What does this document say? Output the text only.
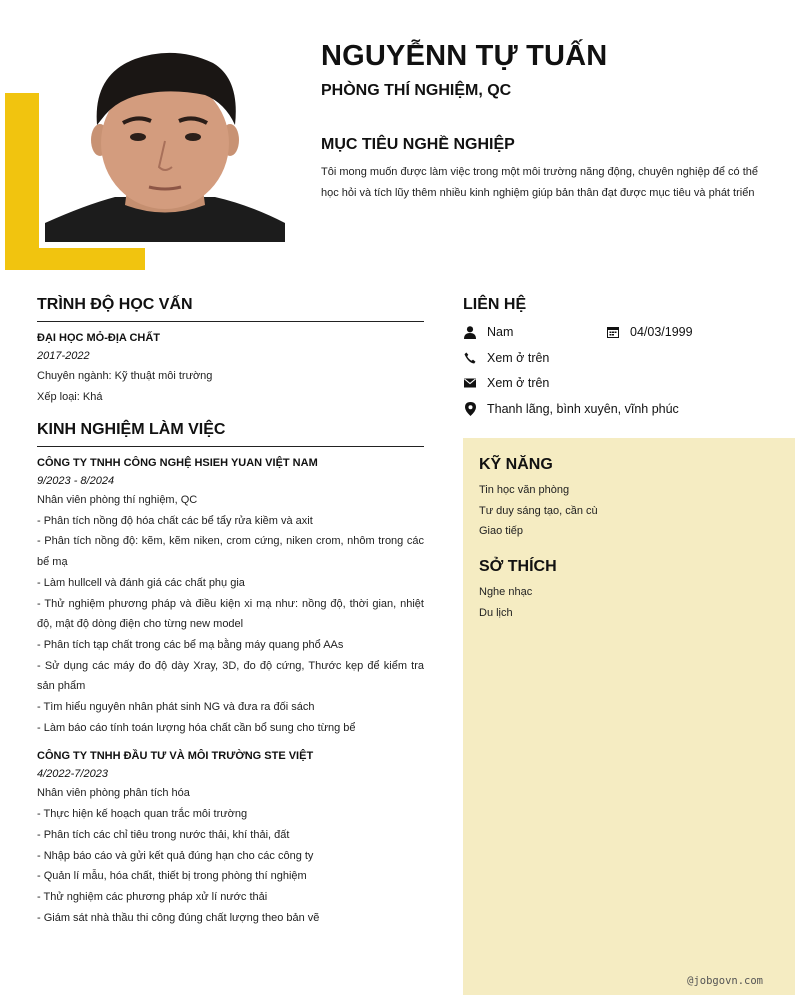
NGUYỄNN TỰ TUẤN
PHÒNG THÍ NGHIỆM, QC
MỤC TIÊU NGHỀ NGHIỆP
Tôi mong muốn được làm việc trong một môi trường năng động, chuyên nghiệp để có thể học hỏi và tích lũy thêm nhiều kinh nghiệm giúp bản thân đạt được mục tiêu và phát triển
TRÌNH ĐỘ HỌC VẤN
ĐẠI HỌC MỎ-ĐỊA CHẤT
2017-2022
Chuyên ngành: Kỹ thuật môi trường
Xếp loại: Khá
KINH NGHIỆM LÀM VIỆC
CÔNG TY TNHH CÔNG NGHỆ HSIEH YUAN VIỆT NAM
9/2023 - 8/2024
Nhân viên phòng thí nghiệm, QC
- Phân tích nồng độ hóa chất các bể tẩy rửa kiềm và axit
- Phân tích nồng độ: kẽm, kẽm niken, crom cứng, niken crom, nhôm trong các bể mạ
- Làm hullcell và đánh giá các chất phụ gia
- Thử nghiệm phương pháp và điều kiện xi mạ như: nồng độ, thời gian, nhiệt độ, mật độ dòng điện cho từng new model
- Phân tích tạp chất trong các bể mạ bằng máy quang phổ AAs
- Sử dụng các máy đo độ dày Xray, 3D, đo độ cứng, Thước kẹp để kiểm tra sản phẩm
- Tìm hiểu nguyên nhân phát sinh NG và đưa ra đối sách
- Làm báo cáo tính toán lượng hóa chất cần bổ sung cho từng bể
CÔNG TY TNHH ĐẦU TƯ VÀ MÔI TRƯỜNG STE VIỆT
4/2022-7/2023
Nhân viên phòng phân tích hóa
- Thực hiện kế hoạch quan trắc môi trường
- Phân tích các chỉ tiêu trong nước thải, khí thải, đất
- Nhập báo cáo và gửi kết quả đúng hạn cho các công ty
- Quản lí mẫu, hóa chất, thiết bị trong phòng thí nghiệm
- Thử nghiệm các phương pháp xử lí nước thải
- Giám sát nhà thầu thi công đúng chất lượng theo bản vẽ
LIÊN HỆ
Nam	04/03/1999
Xem ở trên
Xem ở trên
Thanh lãng, bình xuyên, vĩnh phúc
KỸ NĂNG
Tin học văn phòng
Tư duy sáng tạo, cần cù
Giao tiếp
SỞ THÍCH
Nghe nhạc
Du lịch
@jobgovn.com
